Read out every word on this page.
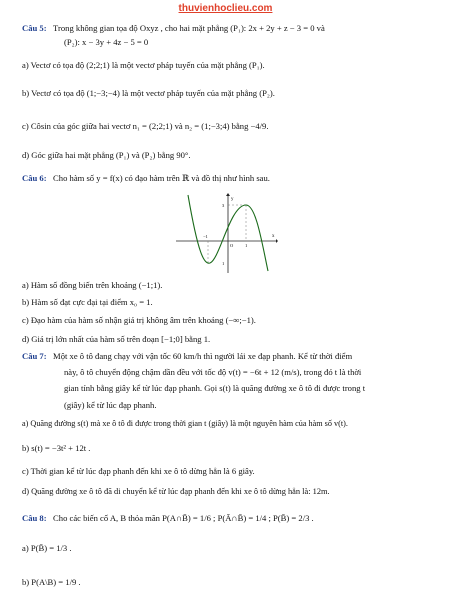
thuvienhoclieu.com
Câu 5: Trong không gian tọa độ Oxyz , cho hai mặt phẳng (P₁): 2x + 2y + z − 3 = 0 và
(P₂): x − 3y + 4z − 5 = 0
a) Vectơ có tọa độ (2;2;1) là một vectơ pháp tuyến của mặt phẳng (P₁).
b) Vectơ có tọa độ (1;−3;−4) là một vectơ pháp tuyến của mặt phẳng (P₂).
c) Côsin của góc giữa hai vectơ n₁ = (2;2;1) và n₂ = (1;−3;4) bằng −4/9.
d) Góc giữa hai mặt phẳng (P₁) và (P₂) bằng 90°.
Câu 6: Cho hàm số y = f(x) có đạo hàm trên ℝ và đồ thị như hình sau.
y
x
O
3
1
−1
1
a) Hàm số đồng biến trên khoảng (−1;1).
b) Hàm số đạt cực đại tại điểm x₀ = 1.
c) Đạo hàm của hàm số nhận giá trị không âm trên khoảng (−∞;−1).
d) Giá trị lớn nhất của hàm số trên đoạn [−1;0] bằng 1.
Câu 7: Một xe ô tô đang chạy với vận tốc 60 km/h thì người lái xe đạp phanh. Kể từ thời điểm
này, ô tô chuyển động chậm dần đều với tốc độ v(t) = −6t + 12 (m/s), trong đó t là thời
gian tính bằng giây kể từ lúc đạp phanh. Gọi s(t) là quãng đường xe ô tô đi được trong t
(giây) kể từ lúc đạp phanh.
a) Quãng đường s(t) mà xe ô tô đi được trong thời gian t (giây) là một nguyên hàm của hàm số v(t).
b) s(t) = −3t² + 12t .
c) Thời gian kể từ lúc đạp phanh đến khi xe ô tô dừng hẳn là 6 giây.
d) Quãng đường xe ô tô đã di chuyển kể từ lúc đạp phanh đến khi xe ô tô dừng hẳn là: 12m.
Câu 8: Cho các biến cố A, B thỏa mãn P(A∩B̄) = 1/6 ; P(Ā∩B̄) = 1/4 ; P(B̄) = 2/3 .
a) P(B̄) = 1/3 .
b) P(A\B) = 1/9 .
